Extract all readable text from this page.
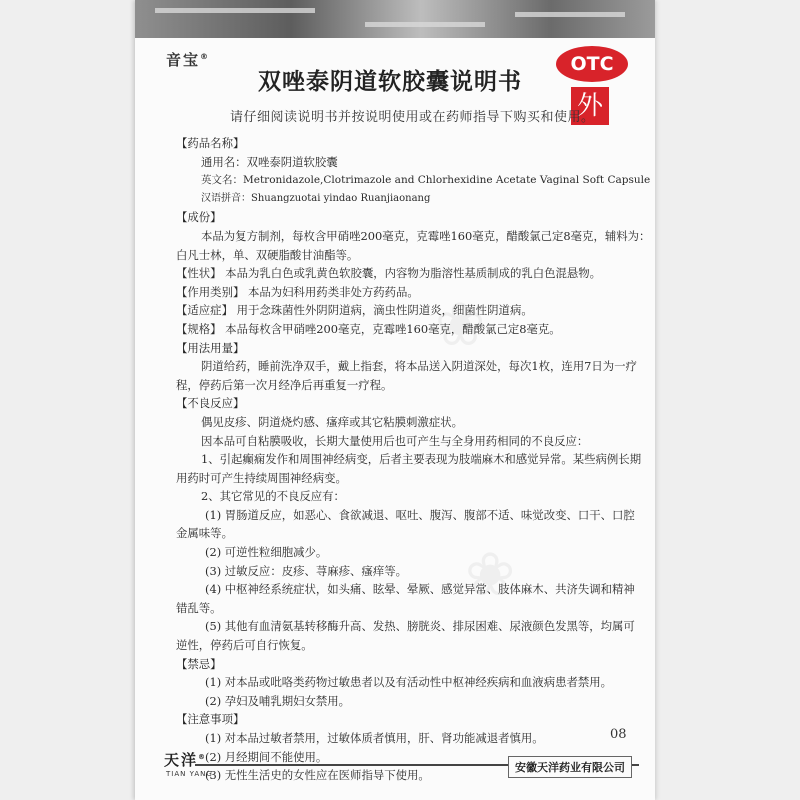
❀
❀
音宝®
双唑泰阴道软胶囊说明书
OTC
外
请仔细阅读说明书并按说明使用或在药师指导下购买和使用。

【药品名称】

通用名：双唑泰阴道软胶囊

英文名：Metronidazole,Clotrimazole and Chlorhexidine Acetate Vaginal Soft Capsule

汉语拼音：Shuangzuotai yindao Ruanjiaonang

【成份】

本品为复方制剂，每枚含甲硝唑200毫克，克霉唑160毫克，醋酸氯己定8毫克，辅料为：

白凡士林，单、双硬脂酸甘油酯等。

【性状】 本品为乳白色或乳黄色软胶囊，内容物为脂溶性基质制成的乳白色混悬物。

【作用类别】 本品为妇科用药类非处方药药品。

【适应症】 用于念珠菌性外阴阴道病，滴虫性阴道炎，细菌性阴道病。

【规格】 本品每枚含甲硝唑200毫克，克霉唑160毫克，醋酸氯己定8毫克。

【用法用量】

阴道给药，睡前洗净双手，戴上指套，将本品送入阴道深处，每次1枚，连用7日为一疗

程，停药后第一次月经净后再重复一疗程。

【不良反应】

偶见皮疹、阴道烧灼感、瘙痒或其它粘膜刺激症状。

因本品可自粘膜吸收，长期大量使用后也可产生与全身用药相同的不良反应：

1、引起癫痫发作和周围神经病变，后者主要表现为肢端麻木和感觉异常。某些病例长期

用药时可产生持续周围神经病变。

2、其它常见的不良反应有：

(1) 胃肠道反应，如恶心、食欲减退、呕吐、腹泻、腹部不适、味觉改变、口干、口腔

金属味等。

(2) 可逆性粒细胞减少。

(3) 过敏反应：皮疹、荨麻疹、瘙痒等。

(4) 中枢神经系统症状，如头痛、眩晕、晕厥、感觉异常、肢体麻木、共济失调和精神

错乱等。

(5) 其他有血清氨基转移酶升高、发热、膀胱炎、排尿困难、尿液颜色发黑等，均属可

逆性，停药后可自行恢复。

【禁忌】

(1) 对本品或吡咯类药物过敏患者以及有活动性中枢神经疾病和血液病患者禁用。

(2) 孕妇及哺乳期妇女禁用。

【注意事项】

(1) 对本品过敏者禁用，过敏体质者慎用，肝、肾功能减退者慎用。

(2) 月经期间不能使用。

(3) 无性生活史的女性应在医师指导下使用。

08
天洋®
TIAN YANG	安徽天洋药业有限公司
